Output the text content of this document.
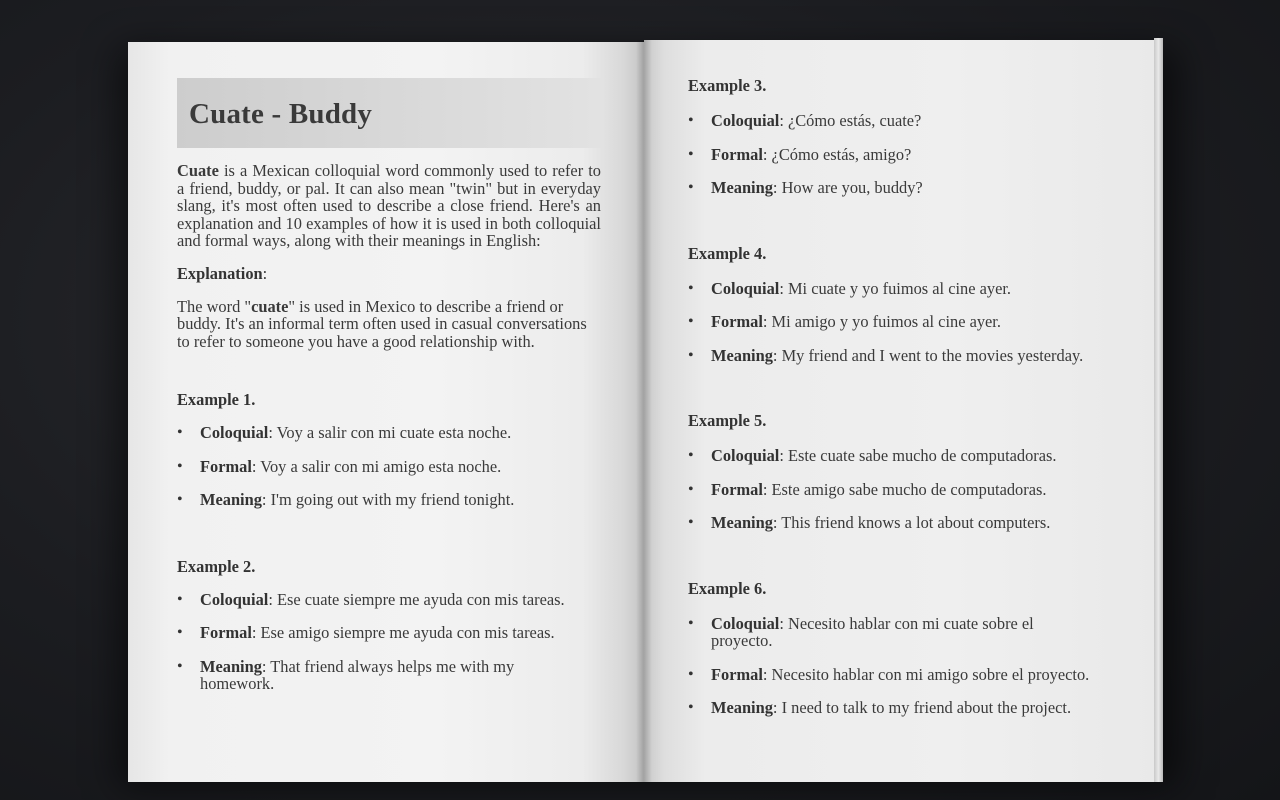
Cuate - Buddy

Cuate is a Mexican colloquial word commonly used to refer to a friend, buddy, or pal. It can also mean "twin" but in everyday slang, it's most often used to describe a close friend. Here's an explanation and 10 examples of how it is used in both colloquial and formal ways, along with their meanings in English:

Explanation:

The word "cuate" is used in Mexico to describe a friend or buddy. It's an informal term often used in casual conversations to refer to someone you have a good relationship with.

Example 1.

• Coloquial: Voy a salir con mi cuate esta noche.
• Formal: Voy a salir con mi amigo esta noche.
• Meaning: I'm going out with my friend tonight.

Example 2.

• Coloquial: Ese cuate siempre me ayuda con mis tareas.
• Formal: Ese amigo siempre me ayuda con mis tareas.
• Meaning: That friend always helps me with my homework.

Example 3.

• Coloquial: ¿Cómo estás, cuate?
• Formal: ¿Cómo estás, amigo?
• Meaning: How are you, buddy?

Example 4.

• Coloquial: Mi cuate y yo fuimos al cine ayer.
• Formal: Mi amigo y yo fuimos al cine ayer.
• Meaning: My friend and I went to the movies yesterday.

Example 5.

• Coloquial: Este cuate sabe mucho de computadoras.
• Formal: Este amigo sabe mucho de computadoras.
• Meaning: This friend knows a lot about computers.

Example 6.

• Coloquial: Necesito hablar con mi cuate sobre el proyecto.
• Formal: Necesito hablar con mi amigo sobre el proyecto.
• Meaning: I need to talk to my friend about the project.
